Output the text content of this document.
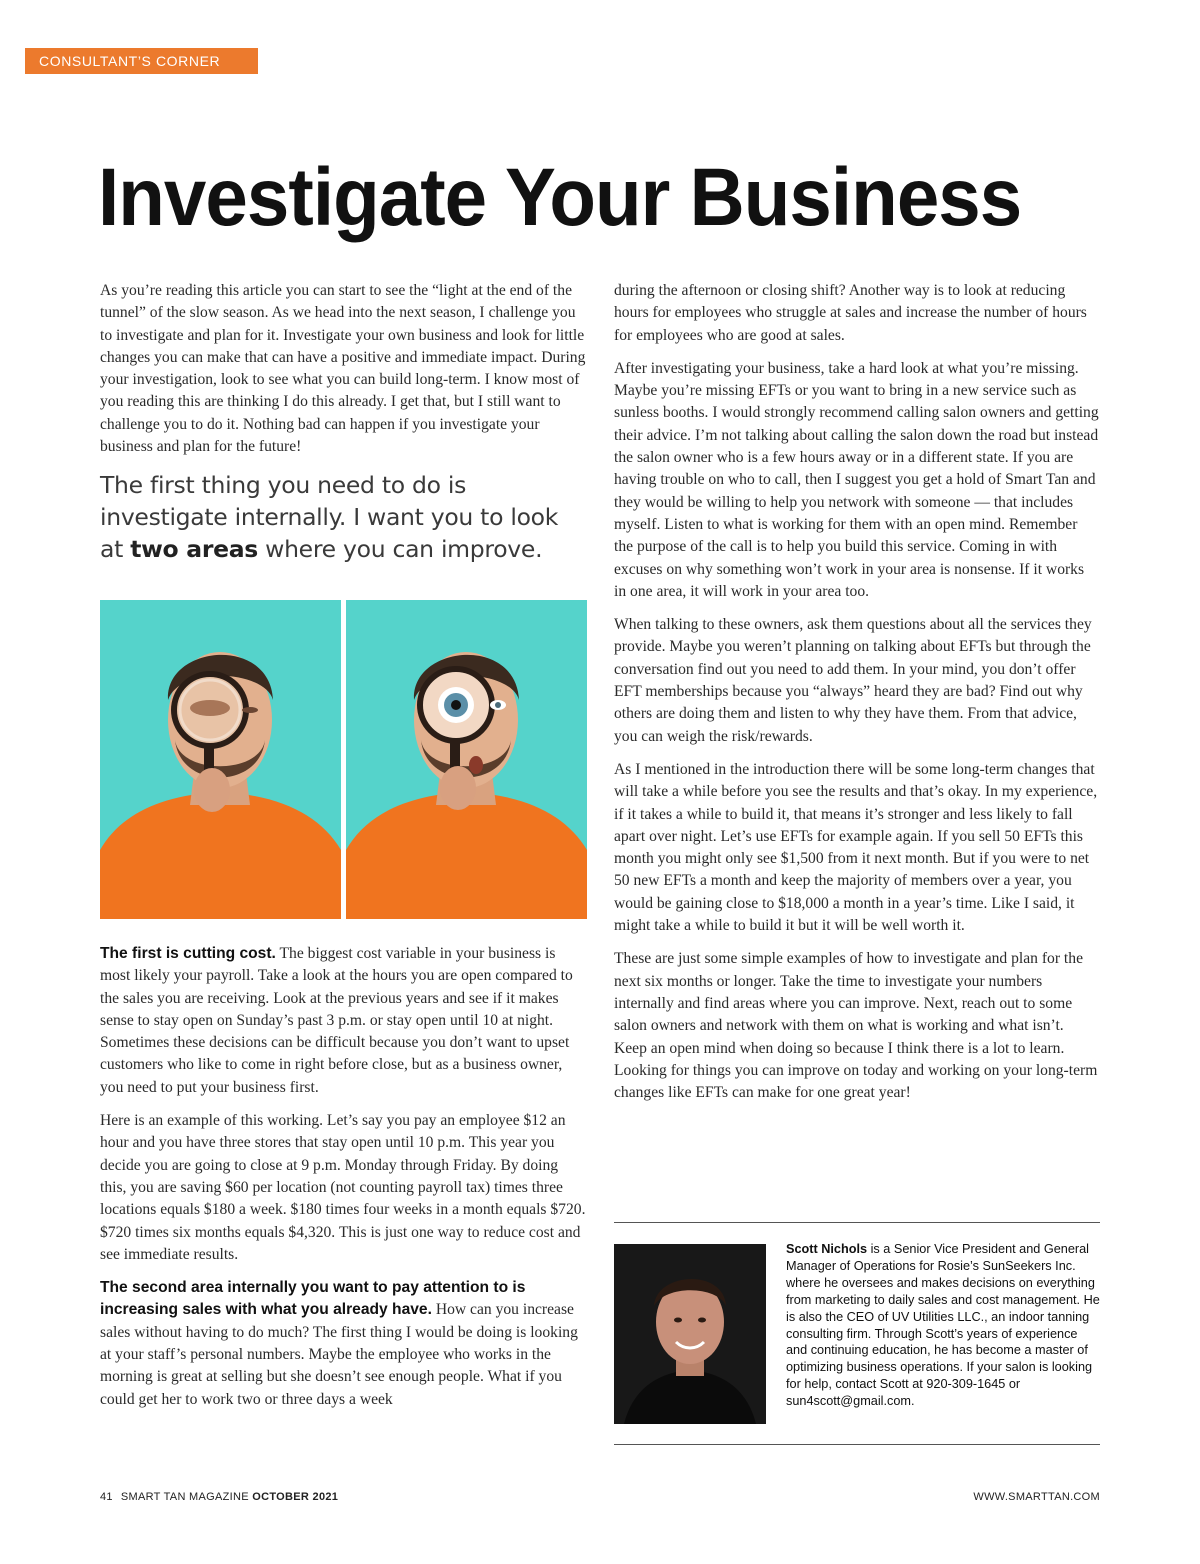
CONSULTANT’S CORNER
Investigate Your Business

As you’re reading this article you can start to see the “light at the end of the tunnel” of the slow season. As we head into the next season, I challenge you to investigate and plan for it. Investigate your own business and look for little changes you can make that can have a positive and immediate impact. During your investigation, look to see what you can build long-term. I know most of you reading this are thinking I do this already. I get that, but I still want to challenge you to do it. Nothing bad can happen if you investigate your business and plan for the future!

The first thing you need to do is investigate internally. I want you to look at two areas where you can improve.

The first is cutting cost. The biggest cost variable in your business is most likely your payroll. Take a look at the hours you are open compared to the sales you are receiving. Look at the previous years and see if it makes sense to stay open on Sunday’s past 3 p.m. or stay open until 10 at night. Sometimes these decisions can be difficult because you don’t want to upset customers who like to come in right before close, but as a business owner, you need to put your business first.

Here is an example of this working. Let’s say you pay an employee $12 an hour and you have three stores that stay open until 10 p.m. This year you decide you are going to close at 9 p.m. Monday through Friday. By doing this, you are saving $60 per location (not counting payroll tax) times three locations equals $180 a week. $180 times four weeks in a month equals $720. $720 times six months equals $4,320. This is just one way to reduce cost and see immediate results.

The second area internally you want to pay attention to is increasing sales with what you already have. How can you increase sales without having to do much? The first thing I would be doing is looking at your staff’s personal numbers. Maybe the employee who works in the morning is great at selling but she doesn’t see enough people. What if you could get her to work two or three days a week

during the afternoon or closing shift? Another way is to look at reducing hours for employees who struggle at sales and increase the number of hours for employees who are good at sales.

After investigating your business, take a hard look at what you’re missing. Maybe you’re missing EFTs or you want to bring in a new service such as sunless booths. I would strongly recommend calling salon owners and getting their advice. I’m not talking about calling the salon down the road but instead the salon owner who is a few hours away or in a different state. If you are having trouble on who to call, then I suggest you get a hold of Smart Tan and they would be willing to help you network with someone — that includes myself. Listen to what is working for them with an open mind. Remember the purpose of the call is to help you build this service. Coming in with excuses on why something won’t work in your area is nonsense. If it works in one area, it will work in your area too.

When talking to these owners, ask them questions about all the services they provide. Maybe you weren’t planning on talking about EFTs but through the conversation find out you need to add them. In your mind, you don’t offer EFT memberships because you “always” heard they are bad? Find out why others are doing them and listen to why they have them. From that advice, you can weigh the risk/rewards.

As I mentioned in the introduction there will be some long-term changes that will take a while before you see the results and that’s okay. In my experience, if it takes a while to build it, that means it’s stronger and less likely to fall apart over night. Let’s use EFTs for example again. If you sell 50 EFTs this month you might only see $1,500 from it next month. But if you were to net 50 new EFTs a month and keep the majority of members over a year, you would be gaining close to $18,000 a month in a year’s time. Like I said, it might take a while to build it but it will be well worth it.

These are just some simple examples of how to investigate and plan for the next six months or longer. Take the time to investigate your numbers internally and find areas where you can improve. Next, reach out to some salon owners and network with them on what is working and what isn’t. Keep an open mind when doing so because I think there is a lot to learn. Looking for things you can improve on today and working on your long-term changes like EFTs can make for one great year!

Scott Nichols is a Senior Vice President and General Manager of Operations for Rosie’s SunSeekers Inc. where he oversees and makes decisions on everything from marketing to daily sales and cost management. He is also the CEO of UV Utilities LLC., an indoor tanning consulting firm. Through Scott’s years of experience and continuing education, he has become a master of optimizing business operations. If your salon is looking for help, contact Scott at 920-309-1645 or sun4scott@gmail.com.
41 SMART TAN MAGAZINE OCTOBER 2021	WWW.SMARTTAN.COM
